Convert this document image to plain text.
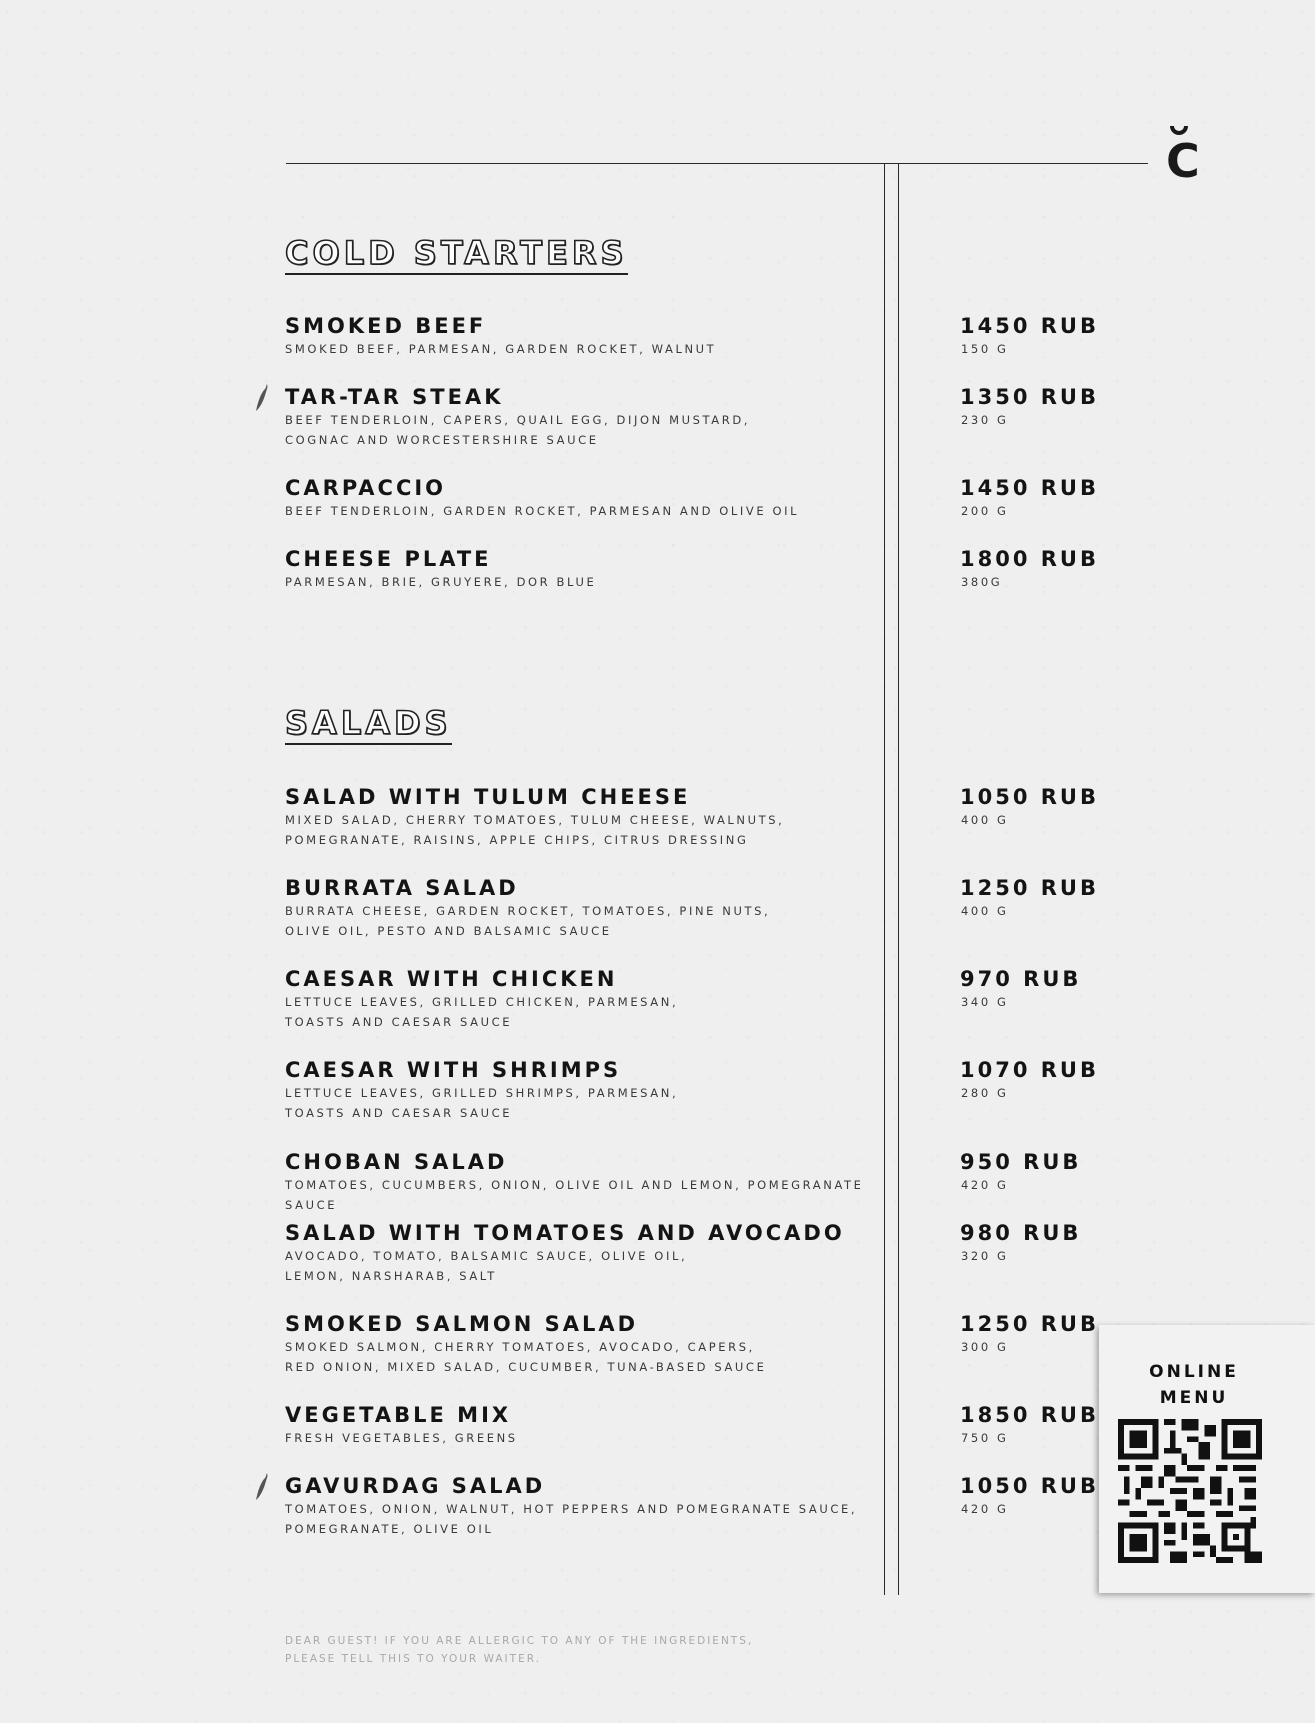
C
COLD STARTERS
SMOKED BEEF
SMOKED BEEF, PARMESAN, GARDEN ROCKET, WALNUT
1450 RUB
150 G
TAR-TAR STEAK
BEEF TENDERLOIN, CAPERS, QUAIL EGG, DIJON MUSTARD,
COGNAC AND WORCESTERSHIRE SAUCE
1350 RUB
230 G
CARPACCIO
BEEF TENDERLOIN, GARDEN ROCKET, PARMESAN AND OLIVE OIL
1450 RUB
200 G
CHEESE PLATE
PARMESAN, BRIE, GRUYERE, DOR BLUE
1800 RUB
380G
SALADS
SALAD WITH TULUM CHEESE
MIXED SALAD, CHERRY TOMATOES, TULUM CHEESE, WALNUTS,
POMEGRANATE, RAISINS, APPLE CHIPS, CITRUS DRESSING
1050 RUB
400 G
BURRATA SALAD
BURRATA CHEESE, GARDEN ROCKET, TOMATOES, PINE NUTS,
OLIVE OIL, PESTO AND BALSAMIC SAUCE
1250 RUB
400 G
CAESAR WITH CHICKEN
LETTUCE LEAVES, GRILLED CHICKEN, PARMESAN,
TOASTS AND CAESAR SAUCE
970 RUB
340 G
CAESAR WITH SHRIMPS
LETTUCE LEAVES, GRILLED SHRIMPS, PARMESAN,
TOASTS AND CAESAR SAUCE
1070 RUB
280 G
CHOBAN SALAD
TOMATOES, CUCUMBERS, ONION, OLIVE OIL AND LEMON, POMEGRANATE SAUCE
950 RUB
420 G
SALAD WITH TOMATOES AND AVOCADO
AVOCADO, TOMATO, BALSAMIC SAUCE, OLIVE OIL,
LEMON, NARSHARAB, SALT
980 RUB
320 G
SMOKED SALMON SALAD
SMOKED SALMON, CHERRY TOMATOES, AVOCADO, CAPERS,
RED ONION, MIXED SALAD, CUCUMBER, TUNA-BASED SAUCE
1250 RUB
300 G
VEGETABLE MIX
FRESH VEGETABLES, GREENS
1850 RUB
750 G
GAVURDAG SALAD
TOMATOES, ONION, WALNUT, HOT PEPPERS AND POMEGRANATE SAUCE,
POMEGRANATE, OLIVE OIL
1050 RUB
420 G
DEAR GUEST! IF YOU ARE ALLERGIC TO ANY OF THE INGREDIENTS,
PLEASE TELL THIS TO YOUR WAITER.
ONLINE
MENU
